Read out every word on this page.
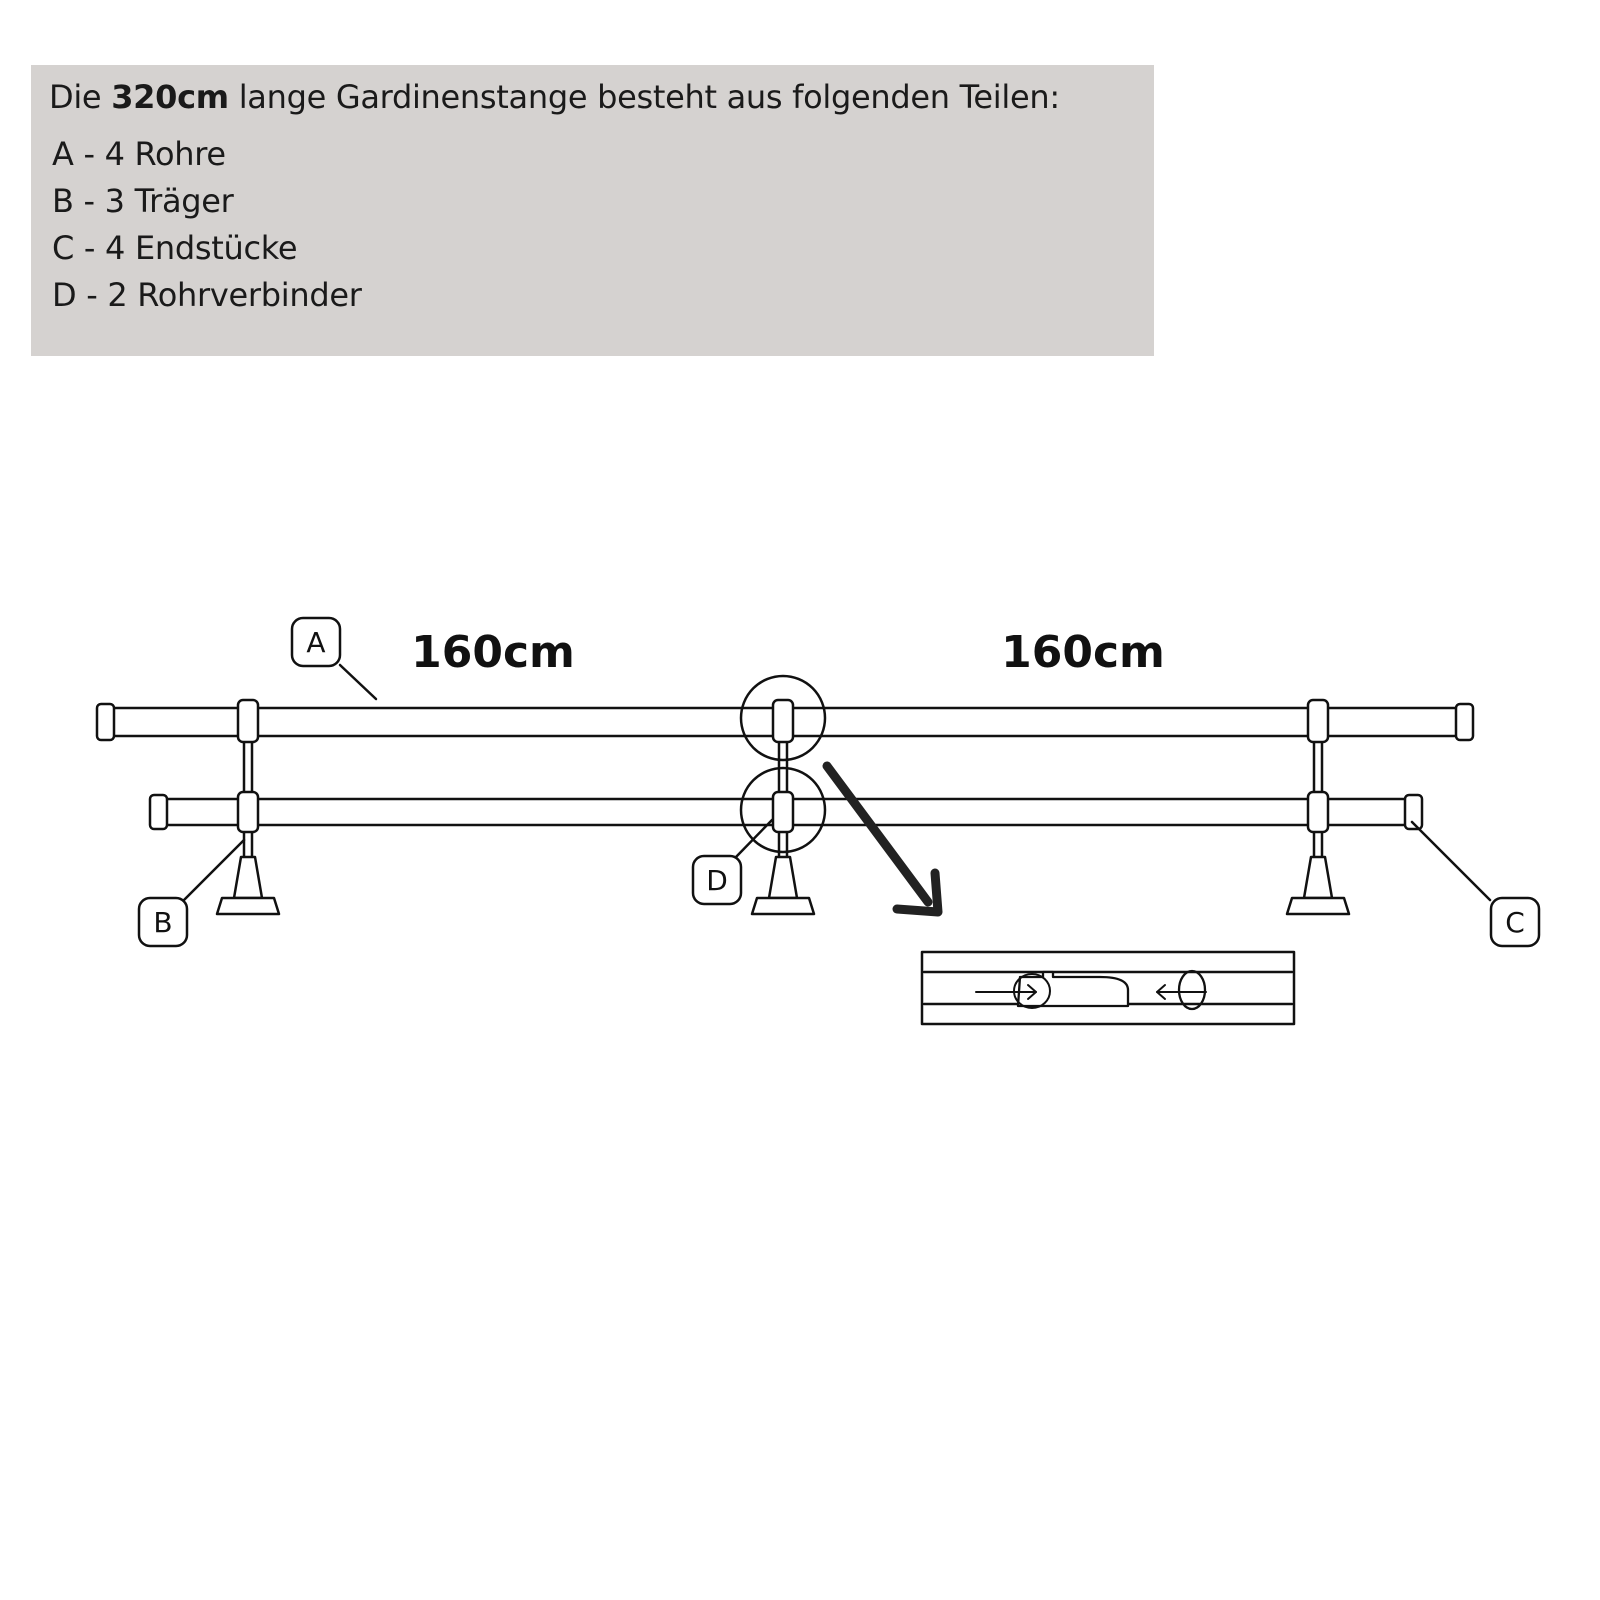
Die 320cm lange Gardinenstange besteht aus folgenden Teilen:
A - 4 Rohre
B - 3 Träger
C - 4 Endstücke
D - 2 Rohrverbinder
160cm	160cm
A
B	C
D
